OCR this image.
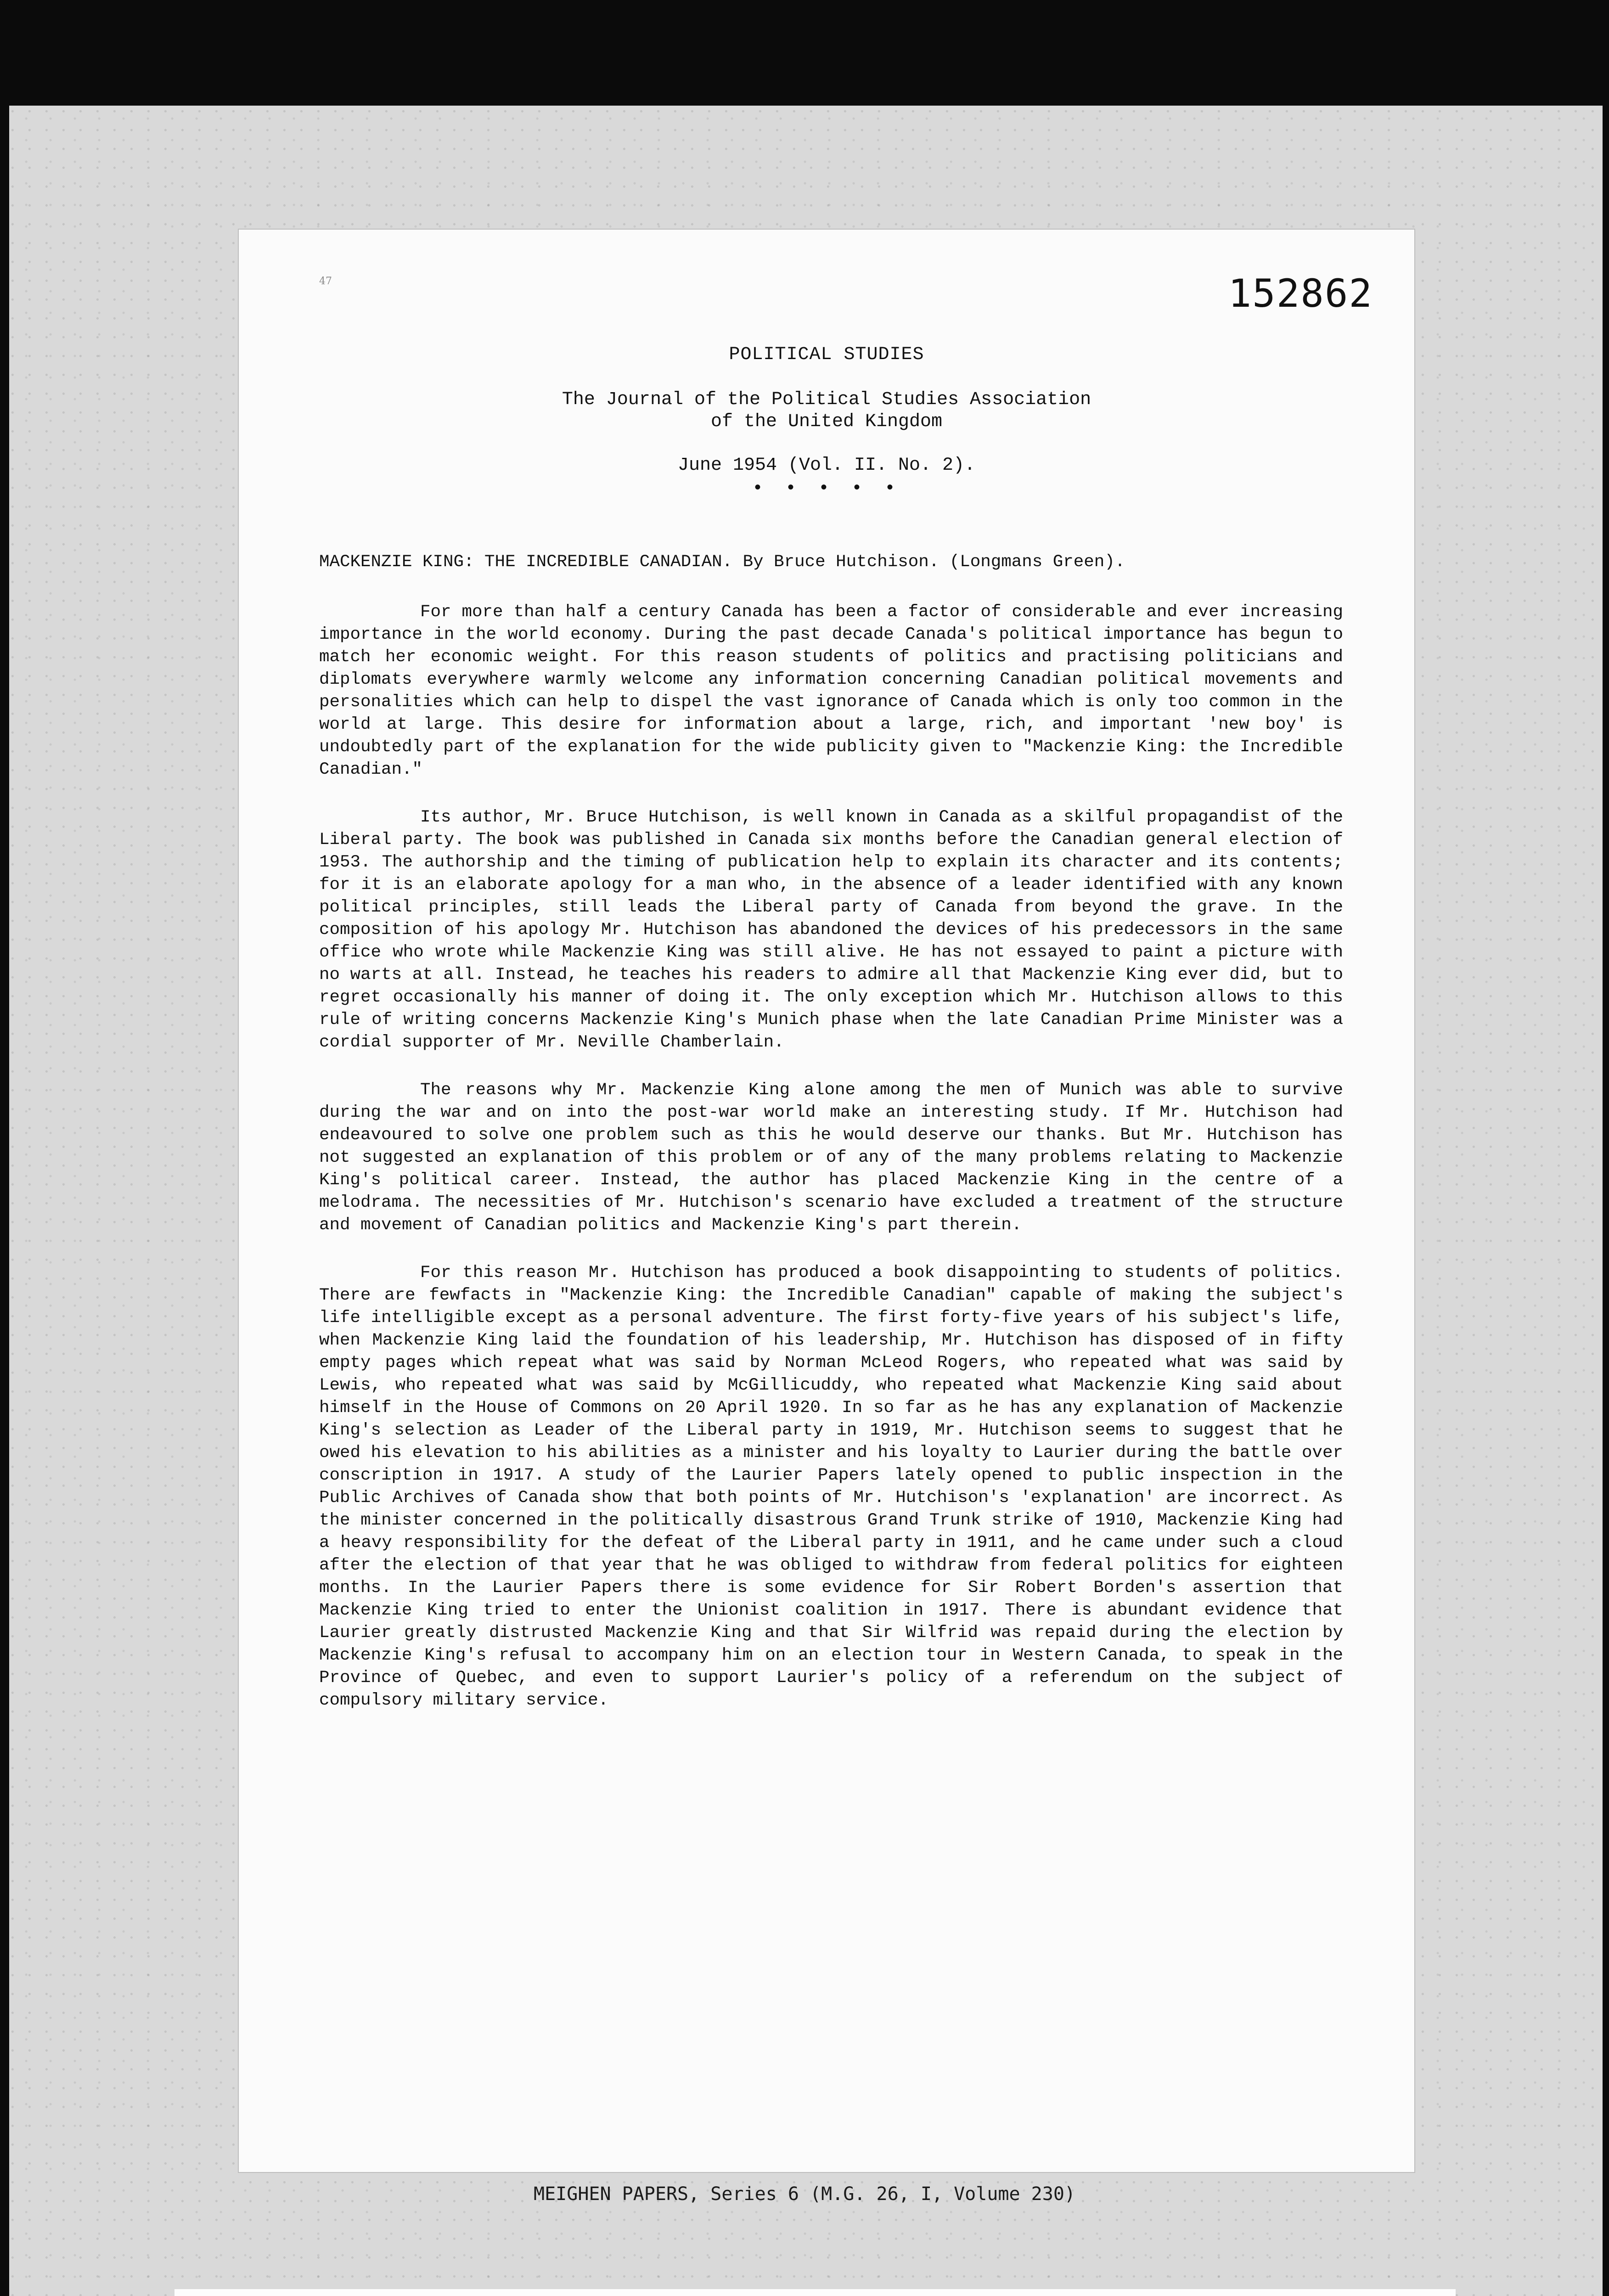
47	152862
POLITICAL STUDIES
The Journal of the Political Studies Association
of the United Kingdom
June 1954 (Vol. II. No. 2).
• • • • •

MACKENZIE KING: THE INCREDIBLE CANADIAN. By Bruce Hutchison. (Longmans Green).

For more than half a century Canada has been a factor of considerable and ever increasing importance in the world economy. During the past decade Canada's political importance has begun to match her economic weight. For this reason students of politics and practising politicians and diplomats everywhere warmly welcome any information concerning Canadian political movements and personalities which can help to dispel the vast ignorance of Canada which is only too common in the world at large. This desire for information about a large, rich, and important 'new boy' is undoubtedly part of the explanation for the wide publicity given to "Mackenzie King: the Incredible Canadian."

Its author, Mr. Bruce Hutchison, is well known in Canada as a skilful propagandist of the Liberal party. The book was published in Canada six months before the Canadian general election of 1953. The authorship and the timing of publication help to explain its character and its contents; for it is an elaborate apology for a man who, in the absence of a leader identified with any known political principles, still leads the Liberal party of Canada from beyond the grave. In the composition of his apology Mr. Hutchison has abandoned the devices of his predecessors in the same office who wrote while Mackenzie King was still alive. He has not essayed to paint a picture with no warts at all. Instead, he teaches his readers to admire all that Mackenzie King ever did, but to regret occasionally his manner of doing it. The only exception which Mr. Hutchison allows to this rule of writing concerns Mackenzie King's Munich phase when the late Canadian Prime Minister was a cordial supporter of Mr. Neville Chamberlain.

The reasons why Mr. Mackenzie King alone among the men of Munich was able to survive during the war and on into the post-war world make an interesting study. If Mr. Hutchison had endeavoured to solve one problem such as this he would deserve our thanks. But Mr. Hutchison has not suggested an explanation of this problem or of any of the many problems relating to Mackenzie King's political career. Instead, the author has placed Mackenzie King in the centre of a melodrama. The necessities of Mr. Hutchison's scenario have excluded a treatment of the structure and movement of Canadian politics and Mackenzie King's part therein.

For this reason Mr. Hutchison has produced a book disappointing to students of politics. There are fewfacts in "Mackenzie King: the Incredible Canadian" capable of making the subject's life intelligible except as a personal adventure. The first forty-five years of his subject's life, when Mackenzie King laid the foundation of his leadership, Mr. Hutchison has disposed of in fifty empty pages which repeat what was said by Norman McLeod Rogers, who repeated what was said by Lewis, who repeated what was said by McGillicuddy, who repeated what Mackenzie King said about himself in the House of Commons on 20 April 1920. In so far as he has any explanation of Mackenzie King's selection as Leader of the Liberal party in 1919, Mr. Hutchison seems to suggest that he owed his elevation to his abilities as a minister and his loyalty to Laurier during the battle over conscription in 1917. A study of the Laurier Papers lately opened to public inspection in the Public Archives of Canada show that both points of Mr. Hutchison's 'explanation' are incorrect. As the minister concerned in the politically disastrous Grand Trunk strike of 1910, Mackenzie King had a heavy responsibility for the defeat of the Liberal party in 1911, and he came under such a cloud after the election of that year that he was obliged to withdraw from federal politics for eighteen months. In the Laurier Papers there is some evidence for Sir Robert Borden's assertion that Mackenzie King tried to enter the Unionist coalition in 1917. There is abundant evidence that Laurier greatly distrusted Mackenzie King and that Sir Wilfrid was repaid during the election by Mackenzie King's refusal to accompany him on an election tour in Western Canada, to speak in the Province of Quebec, and even to support Laurier's policy of a referendum on the subject of compulsory military service.

MEIGHEN PAPERS, Series 6 (M.G. 26, I, Volume 230)
